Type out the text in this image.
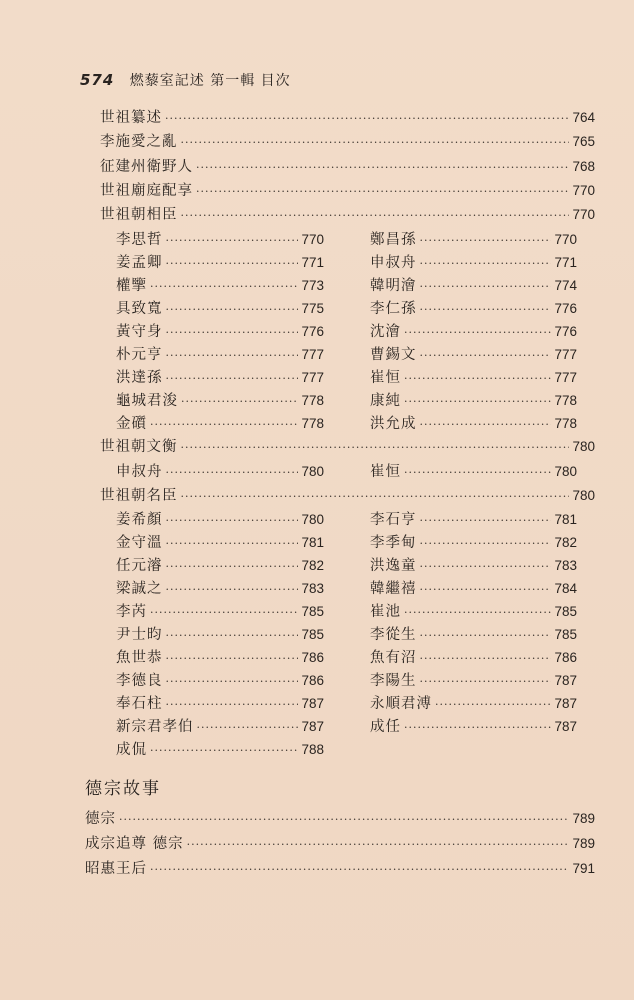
574 燃藜室記述 第一輯 目次
世祖纂述 ·····	764
李施愛之亂 ·····	765
征建州衛野人 ·····	768
世祖廟庭配享 ·····	770
世祖朝相臣 ·····	770
李思哲 ·····	770	鄭昌孫 ·····	770
姜孟卿 ·····	771	申叔舟 ·····	771
權擥 ·····	773	韓明澮 ·····	774
具致寬 ·····	775	李仁孫 ·····	776
黃守身 ·····	776	沈澮 ·····	776
朴元亨 ·····	777	曹錫文 ·····	777
洪達孫 ·····	777	崔恒 ·····	777
龜城君浚 ·····	778	康純 ·····	778
金礩 ·····	778	洪允成 ·····	778
世祖朝文衡 ·····	780
申叔舟 ·····	780	崔恒 ·····	780
世祖朝名臣 ·····	780
姜希顏 ·····	780	李石亨 ·····	781
金守溫 ·····	781	李季甸 ·····	782
任元濬 ·····	782	洪逸童 ·····	783
梁誠之 ·····	783	韓繼禧 ·····	784
李芮 ·····	785	崔池 ·····	785
尹士昀 ·····	785	李從生 ·····	785
魚世恭 ·····	786	魚有沼 ·····	786
李德良 ·····	786	李陽生 ·····	787
奉石柱 ·····	787	永順君溥 ·····	787
新宗君孝伯 ·····	787	成任 ·····	787
成侃 ·····	788
德宗故事
德宗 ·····	789
成宗追尊 德宗 ·····	789
昭惠王后 ·····	791
